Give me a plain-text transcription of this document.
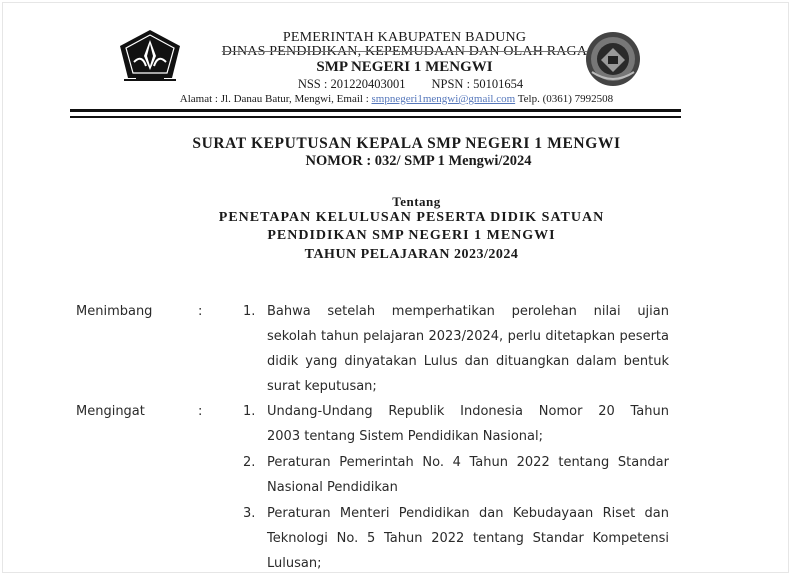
PEMERINTAH KABUPATEN BADUNG
DINAS PENDIDIKAN, KEPEMUDAAN DAN OLAH RAGA
SMP NEGERI 1 MENGWI
NSS : 201220403001 NPSN : 50101654
Alamat : Jl. Danau Batur, Mengwi, Email : smpnegeri1mengwi@gmail.com Telp. (0361) 7992508
SURAT KEPUTUSAN KEPALA SMP NEGERI 1 MENGWI
NOMOR : 032/ SMP 1 Mengwi/2024
Tentang
PENETAPAN KELULUSAN PESERTA DIDIK SATUAN
PENDIDIKAN SMP NEGERI 1 MENGWI
TAHUN PELAJARAN 2023/2024
Menimbang	:	1. Bahwa setelah memperhatikan perolehan nilai ujian
sekolah tahun pelajaran 2023/2024, perlu ditetapkan peserta
didik yang dinyatakan Lulus dan dituangkan dalam bentuk
surat keputusan;
Mengingat	:	1. Undang-Undang Republik Indonesia Nomor 20 Tahun
2003 tentang Sistem Pendidikan Nasional;
2. Peraturan Pemerintah No. 4 Tahun 2022 tentang Standar
Nasional Pendidikan
3. Peraturan Menteri Pendidikan dan Kebudayaan Riset dan
Teknologi No. 5 Tahun 2022 tentang Standar Kompetensi
Lulusan;
